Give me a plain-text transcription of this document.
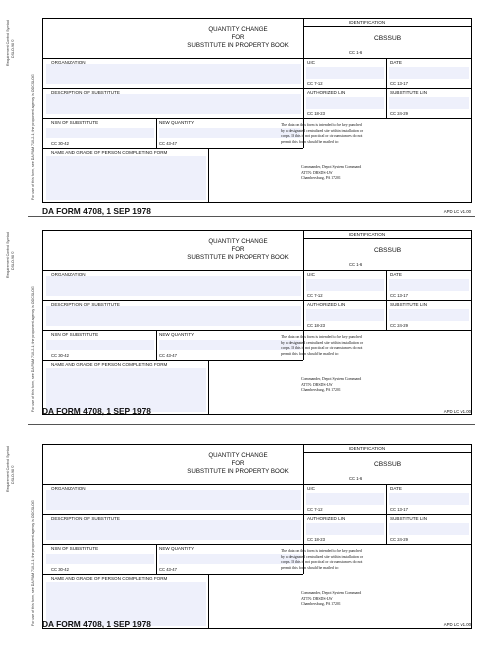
Requirement Control Symbol DSLO-98 ©
For use of this form, see DA PAM 710-2-1; the proponent agency is ODCSLOG
QUANTITY CHANGE
FOR
SUBSTITUTE IN PROPERTY BOOK
IDENTIFICATION
CBSSUB
CC 1-6
ORGANIZATION	UIC	DATE
CC 7-12	CC 13-17
DESCRIPTION OF SUBSTITUTE	AUTHORIZED LIN	SUBSTITUTE LIN
CC 18-23	CC 24-29
NSN OF SUBSTITUTE	NEW QUANTITY
CC 30-42	CC 43-47
NAME AND GRADE OF PERSON COMPLETING FORM
The data on this form is intended to be key punched
by a designated centralized site within installation or
corps. If this is not practical or circumstances do not
permit this form should be mailed to:
Commander, Depot System Command
ATTN: DRSDS-LW
Chambersburg, PA 17201
DA FORM 4708, 1 SEP 1978	APD LC v1.00
Requirement Control Symbol DSLO-98 ©
For use of this form, see DA PAM 710-2-1; the proponent agency is ODCSLOG
QUANTITY CHANGE
FOR
SUBSTITUTE IN PROPERTY BOOK
IDENTIFICATION
CBSSUB
CC 1-6
ORGANIZATION	UIC	DATE
CC 7-12	CC 13-17
DESCRIPTION OF SUBSTITUTE	AUTHORIZED LIN	SUBSTITUTE LIN
CC 18-23	CC 24-29
NSN OF SUBSTITUTE	NEW QUANTITY
CC 30-42	CC 43-47
NAME AND GRADE OF PERSON COMPLETING FORM
The data on this form is intended to be key punched
by a designated centralized site within installation or
corps. If this is not practical or circumstances do not
permit this form should be mailed to:
Commander, Depot System Command
ATTN: DRSDS-LW
Chambersburg, PA 17201
DA FORM 4708, 1 SEP 1978	APD LC v1.00
Requirement Control Symbol DSLO-98 ©
For use of this form, see DA PAM 710-2-1; the proponent agency is ODCSLOG
QUANTITY CHANGE
FOR
SUBSTITUTE IN PROPERTY BOOK
IDENTIFICATION
CBSSUB
CC 1-6
ORGANIZATION	UIC	DATE
CC 7-12	CC 13-17
DESCRIPTION OF SUBSTITUTE	AUTHORIZED LIN	SUBSTITUTE LIN
CC 18-23	CC 24-29
NSN OF SUBSTITUTE	NEW QUANTITY
CC 30-42	CC 43-47
NAME AND GRADE OF PERSON COMPLETING FORM
The data on this form is intended to be key punched
by a designated centralized site within installation or
corps. If this is not practical or circumstances do not
permit this form should be mailed to:
Commander, Depot System Command
ATTN: DRSDS-LW
Chambersburg, PA 17201
DA FORM 4708, 1 SEP 1978	APD LC v1.00
